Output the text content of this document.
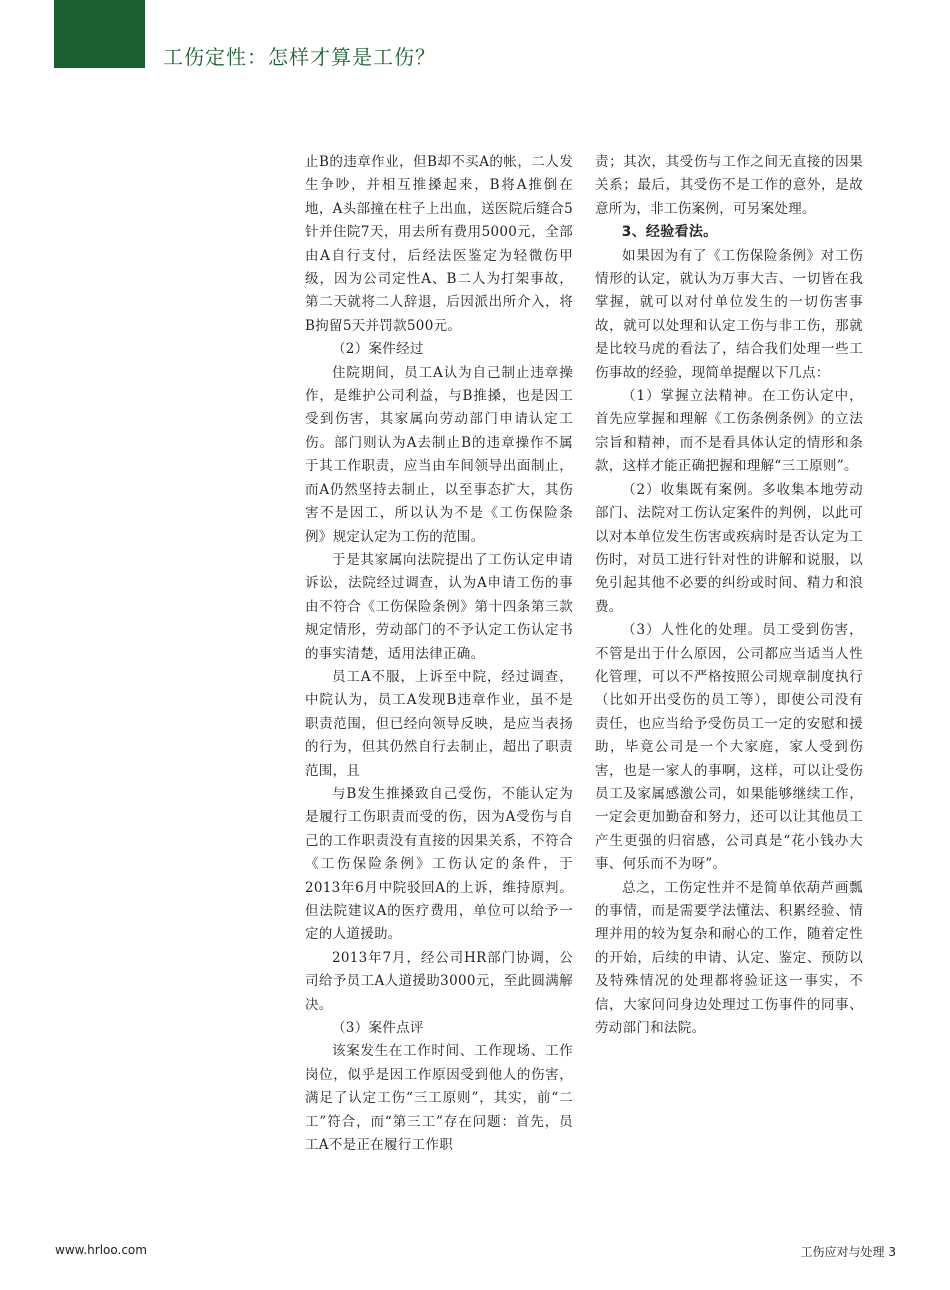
工伤定性：怎样才算是工伤？

止B的违章作业，但B却不买A的帐，二人发生争吵，并相互推搡起来，B将A推倒在地，A头部撞在柱子上出血，送医院后缝合5针并住院7天，用去所有费用5000元，全部由A自行支付，后经法医鉴定为轻微伤甲级，因为公司定性A、B二人为打架事故，第二天就将二人辞退，后因派出所介入，将B拘留5天并罚款500元。

（2）案件经过

住院期间，员工A认为自己制止违章操作，是维护公司利益，与B推搡，也是因工受到伤害，其家属向劳动部门申请认定工伤。部门则认为A去制止B的违章操作不属于其工作职责，应当由车间领导出面制止，而A仍然坚持去制止，以至事态扩大，其伤害不是因工，所以认为不是《工伤保险条例》规定认定为工伤的范围。

于是其家属向法院提出了工伤认定申请诉讼，法院经过调查，认为A申请工伤的事由不符合《工伤保险条例》第十四条第三款规定情形，劳动部门的不予认定工伤认定书的事实清楚，适用法律正确。

员工A不服，上诉至中院，经过调查，中院认为，员工A发现B违章作业，虽不是职责范围，但已经向领导反映，是应当表扬的行为，但其仍然自行去制止，超出了职责范围，且

与B发生推搡致自己受伤，不能认定为是履行工伤职责而受的伤，因为A受伤与自己的工作职责没有直接的因果关系，不符合《工伤保险条例》工伤认定的条件，于2013年6月中院驳回A的上诉，维持原判。但法院建议A的医疗费用，单位可以给予一定的人道援助。

2013年7月，经公司HR部门协调，公司给予员工A人道援助3000元，至此圆满解决。

（3）案件点评

该案发生在工作时间、工作现场、工作岗位，似乎是因工作原因受到他人的伤害，满足了认定工伤“三工原则”，其实，前“二工”符合，而“第三工”存在问题：首先，员工A不是正在履行工作职

责；其次，其受伤与工作之间无直接的因果关系；最后，其受伤不是工作的意外，是故意所为，非工伤案例，可另案处理。

3、经验看法。

如果因为有了《工伤保险条例》对工伤情形的认定，就认为万事大吉、一切皆在我掌握，就可以对付单位发生的一切伤害事故，就可以处理和认定工伤与非工伤，那就是比较马虎的看法了，结合我们处理一些工伤事故的经验，现简单提醒以下几点：

（1）掌握立法精神。在工伤认定中，首先应掌握和理解《工伤条例条例》的立法宗旨和精神，而不是看具体认定的情形和条款，这样才能正确把握和理解“三工原则”。

（2）收集既有案例。多收集本地劳动部门、法院对工伤认定案件的判例，以此可以对本单位发生伤害或疾病时是否认定为工伤时，对员工进行针对性的讲解和说服，以免引起其他不必要的纠纷或时间、精力和浪费。

（3）人性化的处理。员工受到伤害，不管是出于什么原因，公司都应当适当人性化管理，可以不严格按照公司规章制度执行（比如开出受伤的员工等），即使公司没有责任，也应当给予受伤员工一定的安慰和援助，毕竟公司是一个大家庭，家人受到伤害，也是一家人的事啊，这样，可以让受伤员工及家属感激公司，如果能够继续工作，一定会更加勤奋和努力，还可以让其他员工产生更强的归宿感，公司真是“花小钱办大事、何乐而不为呀”。

总之，工伤定性并不是简单依葫芦画瓢的事情，而是需要学法懂法、积累经验、情理并用的较为复杂和耐心的工作，随着定性的开始，后续的申请、认定、鉴定、预防以及特殊情况的处理都将验证这一事实，不信，大家问问身边处理过工伤事件的同事、劳动部门和法院。

www.hrloo.com	工伤应对与处理 3
